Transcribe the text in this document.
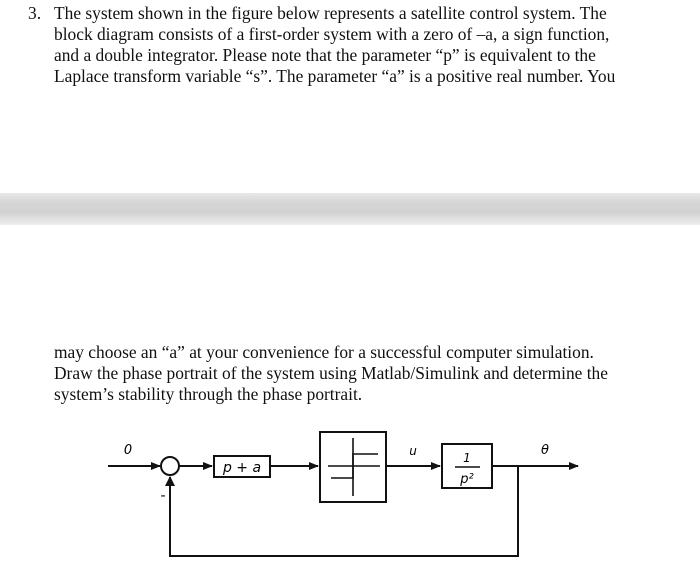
3. The system shown in the figure below represents a satellite control system. The
block diagram consists of a first-order system with a zero of –a, a sign function,
and a double integrator. Please note that the parameter “p” is equivalent to the
Laplace transform variable “s”. The parameter “a” is a positive real number. You
may choose an “a” at your convenience for a successful computer simulation.
Draw the phase portrait of the system using Matlab/Simulink and determine the
system’s stability through the phase portrait.
0
-
p + a
u	1
p²
θ
